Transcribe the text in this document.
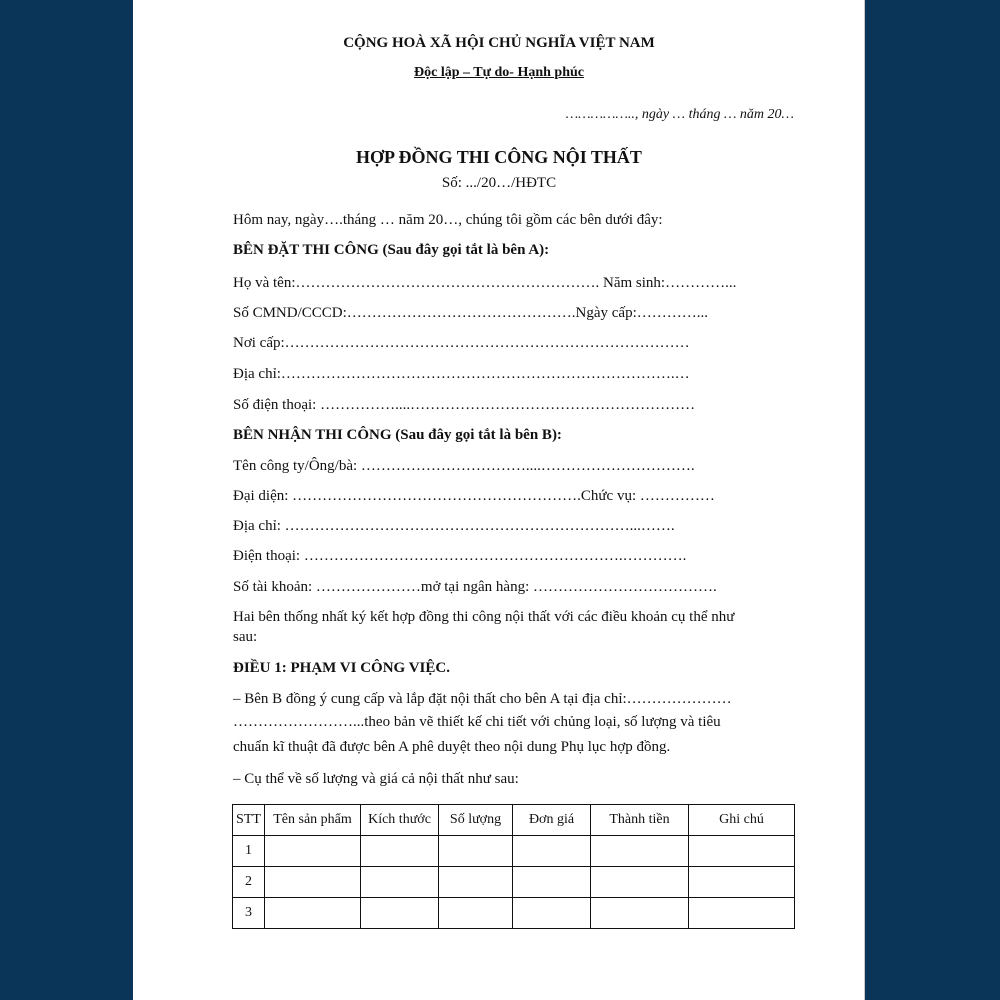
CỘNG HOÀ XÃ HỘI CHỦ NGHĨA VIỆT NAM
Độc lập – Tự do- Hạnh phúc
…………….., ngày … tháng … năm 20…
HỢP ĐỒNG THI CÔNG NỘI THẤT
Số: .../20…/HĐTC
Hôm nay, ngày….tháng … năm 20…, chúng tôi gồm các bên dưới đây:
BÊN ĐẶT THI CÔNG (Sau đây gọi tắt là bên A):
Họ và tên:……………………………………………………. Năm sinh:…………...
Số CMND/CCCD:……………………………………….Ngày cấp:…………...
Nơi cấp:………………………………………………………………………
Địa chỉ:…………………………………………………………………….…
Số điện thoại: ……………....…………………………………………………
BÊN NHẬN THI CÔNG (Sau đây gọi tắt là bên B):
Tên công ty/Ông/bà: ……………………………....………………………….
Đại diện: ………………………………………………….Chức vụ: ……………
Địa chỉ: ……………………………………………………………...…….
Điện thoại: ……………………………………………………….………….
Số tài khoản: …………………mở tại ngân hàng: ……………………………….
Hai bên thống nhất ký kết hợp đồng thi công nội thất với các điều khoản cụ thể như
sau:
ĐIỀU 1: PHẠM VI CÔNG VIỆC.
– Bên B đồng ý cung cấp và lắp đặt nội thất cho bên A tại địa chỉ:…………………
……………………...theo bản vẽ thiết kế chi tiết với chủng loại, số lượng và tiêu
chuẩn kĩ thuật đã được bên A phê duyệt theo nội dung Phụ lục hợp đồng.
– Cụ thể về số lượng và giá cả nội thất như sau:
STT	Tên sản phẩm	Kích thước	Số lượng	Đơn giá	Thành tiền	Ghi chú
1						
2						
3						
